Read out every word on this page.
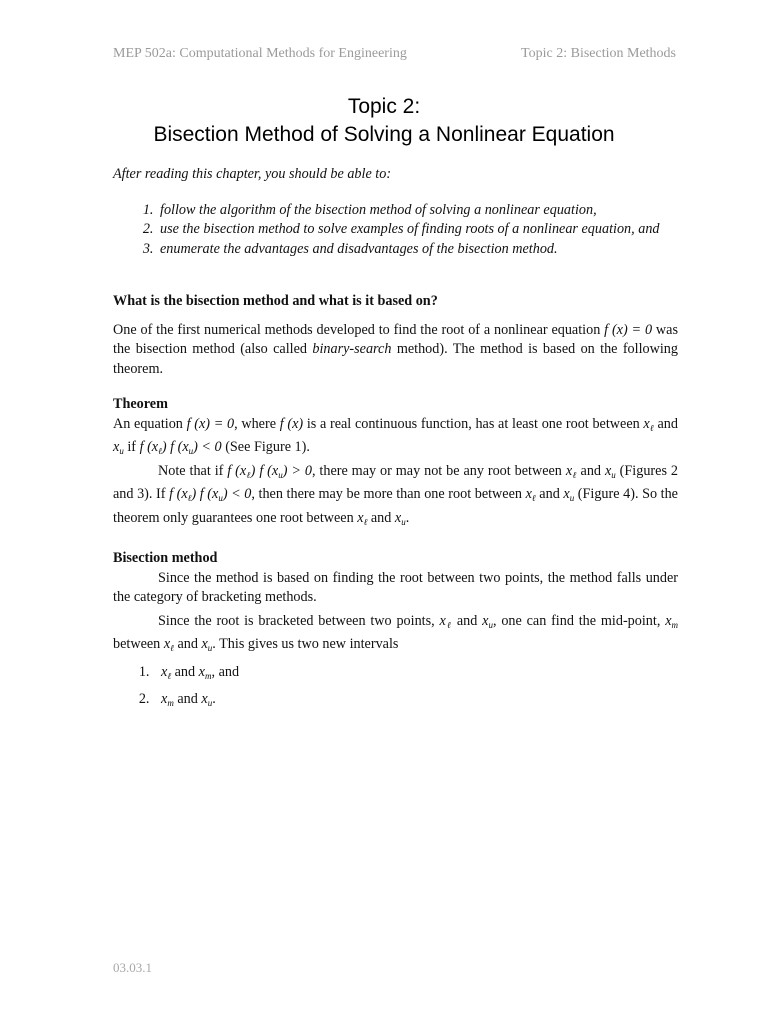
MEP 502a: Computational Methods for Engineering	Topic 2: Bisection Methods
Topic 2:
Bisection Method of Solving a Nonlinear Equation

After reading this chapter, you should be able to:

1. follow the algorithm of the bisection method of solving a nonlinear equation,
2. use the bisection method to solve examples of finding roots of a nonlinear equation, and
3. enumerate the advantages and disadvantages of the bisection method.
What is the bisection method and what is it based on?

One of the first numerical methods developed to find the root of a nonlinear equation f (x) = 0 was the bisection method (also called binary-search method). The method is based on the following theorem.

Theorem

An equation f (x) = 0, where f (x) is a real continuous function, has at least one root between $x_\ell$ and $x_u$ if f $(x_\ell)$ f $(x_u) < 0$ (See Figure 1).

Note that if f $(x_\ell)$ f $(x_u) > 0$, there may or may not be any root between $x_\ell$ and $x_u$ (Figures 2 and 3). If f $(x_\ell)$ f $(x_u) < 0$, then there may be more than one root between $x_\ell$ and $x_u$ (Figure 4). So the theorem only guarantees one root between $x_\ell$ and $x_u$.

Bisection method

Since the method is based on finding the root between two points, the method falls under the category of bracketing methods.

Since the root is bracketed between two points, $x_\ell$ and $x_u$, one can find the mid-point, $x_m$ between $x_\ell$ and $x_u$. This gives us two new intervals

1. $x_\ell$ and $x_m$, and
2. $x_m$ and $x_u$.
03.03.1
